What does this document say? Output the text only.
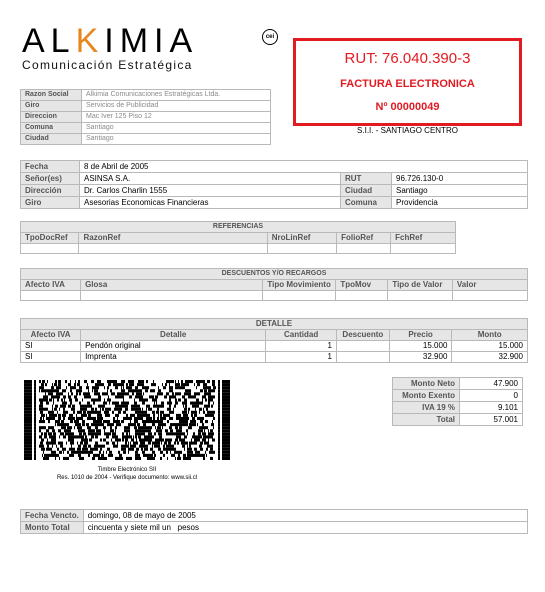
ALKIMIA	cei
Comunicación Estratégica	RUT: 76.040.390-3
FACTURA ELECTRONICA
Nº 00000049
S.I.I. - SANTIAGO CENTRO
Razon Social	Alkimia Comunicaciones Estratégicas Ltda.
Giro	Servicios de Publicidad
Direccion	Mac Iver 125 Piso 12
Comuna	Santiago
Ciudad	Santiago
Fecha	8 de Abril de 2005		
Señor(es)	ASINSA S.A.	RUT	96.726.130-0
Dirección	Dr. Carlos Charlin 1555	Ciudad	Santiago
Giro	Asesorias Economicas Financieras	Comuna	Providencia
REFERENCIAS				
TpoDocRef	RazonRef	NroLinRef	FolioRef	FchRef

DESCUENTOS Y/O RECARGOS					
Afecto IVA	Glosa	Tipo Movimiento	TpoMov	Tipo de Valor	Valor

DETALLE					
Afecto IVA	Detalle	Cantidad	Descuento	Precio	Monto
SI	Pendón original	1		15.000	15.000
SI	Imprenta	1		32.900	32.900
Timbre Electrónico SII
Res. 1010 de 2004 - Verifique documento: www.sii.cl
Monto Neto	47.900
Monto Exento	0
IVA 19 %	9.101
Total	57.001
Fecha Vencto.	domingo, 08 de mayo de 2005
Monto Total	cincuenta y siete mil un   pesos
